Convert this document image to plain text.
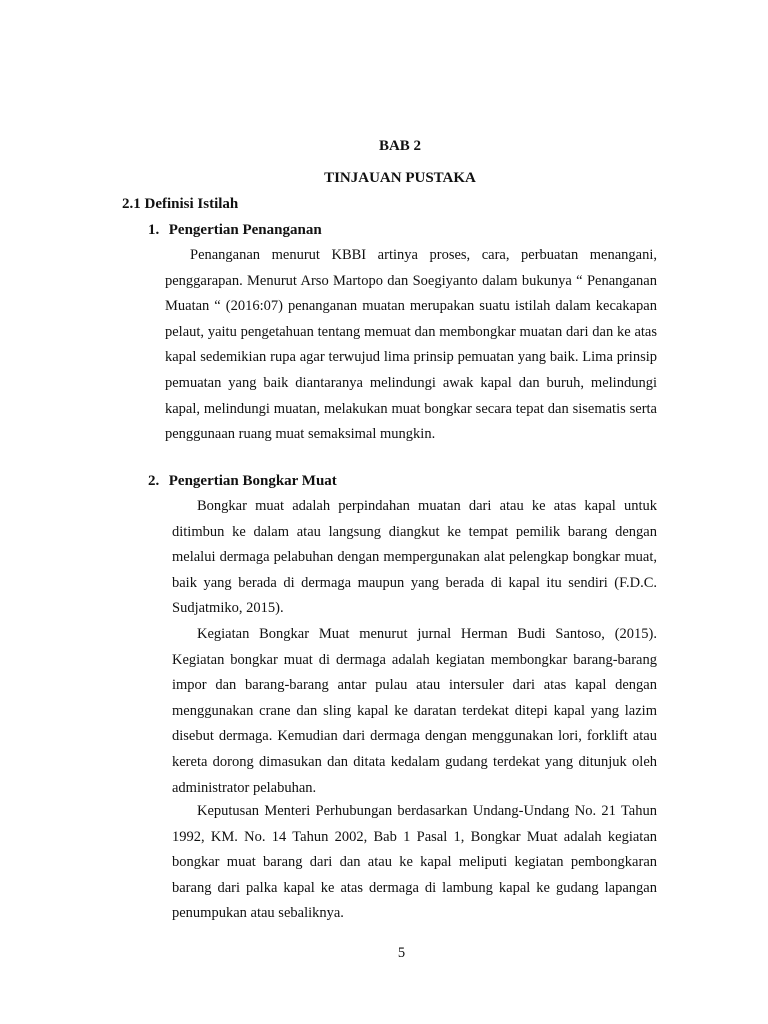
BAB 2
TINJAUAN PUSTAKA
2.1 Definisi Istilah
1. Pengertian Penanganan

Penanganan menurut KBBI artinya proses, cara, perbuatan menangani, penggarapan. Menurut Arso Martopo dan Soegiyanto dalam bukunya “ Penanganan Muatan “ (2016:07) penanganan muatan merupakan suatu istilah dalam kecakapan pelaut, yaitu pengetahuan tentang memuat dan membongkar muatan dari dan ke atas kapal sedemikian rupa agar terwujud lima prinsip pemuatan yang baik. Lima prinsip pemuatan yang baik diantaranya melindungi awak kapal dan buruh, melindungi kapal, melindungi muatan, melakukan muat bongkar secara tepat dan sisematis serta penggunaan ruang muat semaksimal mungkin.

2. Pengertian Bongkar Muat

Bongkar muat adalah perpindahan muatan dari atau ke atas kapal untuk ditimbun ke dalam atau langsung diangkut ke tempat pemilik barang dengan melalui dermaga pelabuhan dengan mempergunakan alat pelengkap bongkar muat, baik yang berada di dermaga maupun yang berada di kapal itu sendiri (F.D.C. Sudjatmiko, 2015).

Kegiatan Bongkar Muat menurut jurnal Herman Budi Santoso, (2015). Kegiatan bongkar muat di dermaga adalah kegiatan membongkar barang-barang impor dan barang-barang antar pulau atau intersuler dari atas kapal dengan menggunakan crane dan sling kapal ke daratan terdekat ditepi kapal yang lazim disebut dermaga. Kemudian dari dermaga dengan menggunakan lori, forklift atau kereta dorong dimasukan dan ditata kedalam gudang terdekat yang ditunjuk oleh administrator pelabuhan.

Keputusan Menteri Perhubungan berdasarkan Undang-Undang No. 21 Tahun 1992, KM. No. 14 Tahun 2002, Bab 1 Pasal 1, Bongkar Muat adalah kegiatan bongkar muat barang dari dan atau ke kapal meliputi kegiatan pembongkaran barang dari palka kapal ke atas dermaga di lambung kapal ke gudang lapangan penumpukan atau sebaliknya.

5
